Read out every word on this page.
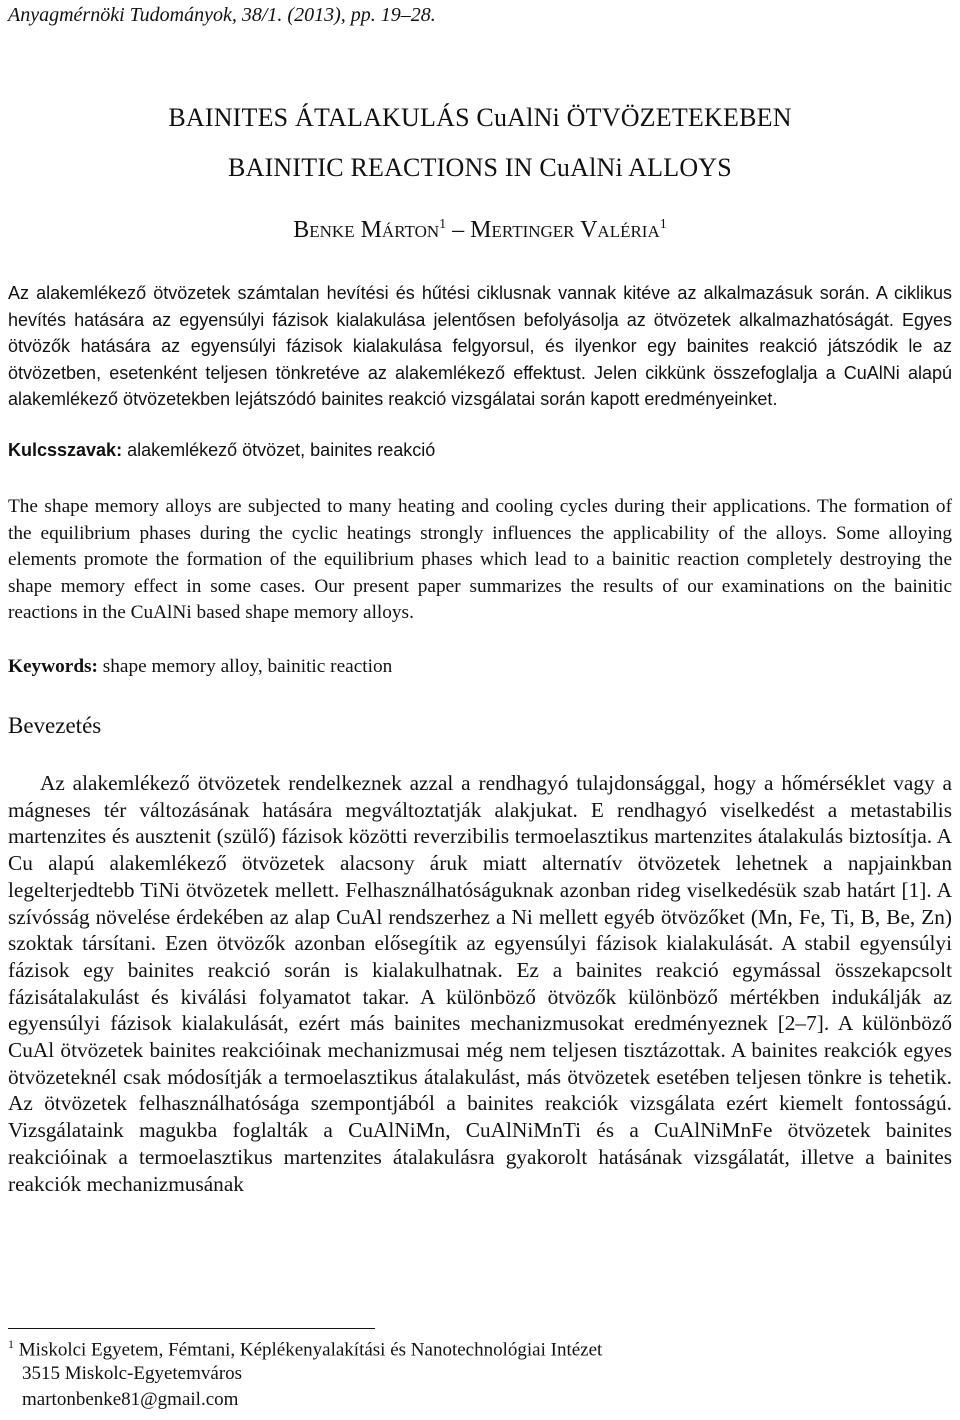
Anyagmérnöki Tudományok, 38/1. (2013), pp. 19–28.
BAINITES ÁTALAKULÁS CuAlNi ÖTVÖZETEKEBEN
BAINITIC REACTIONS IN CuAlNi ALLOYS
Benke Márton$^1$ – Mertinger Valéria$^1$
Az alakemlékező ötvözetek számtalan hevítési és hűtési ciklusnak vannak kitéve az alkalmazásuk során. A ciklikus hevítés hatására az egyensúlyi fázisok kialakulása jelentősen befolyásolja az ötvözetek alkalmazhatóságát. Egyes ötvözők hatására az egyensúlyi fázisok kialakulása felgyorsul, és ilyenkor egy bainites reakció játszódik le az ötvözetben, esetenként teljesen tönkretéve az alakemlékező effektust. Jelen cikkünk összefoglalja a CuAlNi alapú alakemlékező ötvözetekben lejátszódó bainites reakció vizsgálatai során kapott eredményeinket.
Kulcsszavak: alakemlékező ötvözet, bainites reakció
The shape memory alloys are subjected to many heating and cooling cycles during their applications. The formation of the equilibrium phases during the cyclic heatings strongly influences the applicability of the alloys. Some alloying elements promote the formation of the equilibrium phases which lead to a bainitic reaction completely destroying the shape memory effect in some cases. Our present paper summarizes the results of our examinations on the bainitic reactions in the CuAlNi based shape memory alloys.
Keywords: shape memory alloy, bainitic reaction
Bevezetés
Az alakemlékező ötvözetek rendelkeznek azzal a rendhagyó tulajdonsággal, hogy a hőmérséklet vagy a mágneses tér változásának hatására megváltoztatják alakjukat. E rendhagyó viselkedést a metastabilis martenzites és ausztenit (szülő) fázisok közötti reverzibilis termoelasztikus martenzites átalakulás biztosítja. A Cu alapú alakemlékező ötvözetek alacsony áruk miatt alternatív ötvözetek lehetnek a napjainkban legelterjedtebb TiNi ötvözetek mellett. Felhasználhatóságuknak azonban rideg viselkedésük szab határt [1]. A szívósság növelése érdekében az alap CuAl rendszerhez a Ni mellett egyéb ötvözőket (Mn, Fe, Ti, B, Be, Zn) szoktak társítani. Ezen ötvözők azonban elősegítik az egyensúlyi fázisok kialakulását. A stabil egyensúlyi fázisok egy bainites reakció során is kialakulhatnak. Ez a bainites reakció egymással összekapcsolt fázisátalakulást és kiválási folyamatot takar. A különböző ötvözők különböző mértékben indukálják az egyensúlyi fázisok kialakulását, ezért más bainites mechanizmusokat eredményeznek [2–7]. A különböző CuAl ötvözetek bainites reakcióinak mechanizmusai még nem teljesen tisztázottak. A bainites reakciók egyes ötvözeteknél csak módosítják a termoelasztikus átalakulást, más ötvözetek esetében teljesen tönkre is tehetik. Az ötvözetek felhasználhatósága szempontjából a bainites reakciók vizsgálata ezért kiemelt fontosságú. Vizsgálataink magukba foglalták a CuAlNiMn, CuAlNiMnTi és a CuAlNiMnFe ötvözetek bainites reakcióinak a termoelasztikus martenzites átalakulásra gyakorolt hatásának vizsgálatát, illetve a bainites reakciók mechanizmusának
$^1$ Miskolci Egyetem, Fémtani, Képlékenyalakítási és Nanotechnológiai Intézet
3515 Miskolc-Egyetemváros
martonbenke81@gmail.com
